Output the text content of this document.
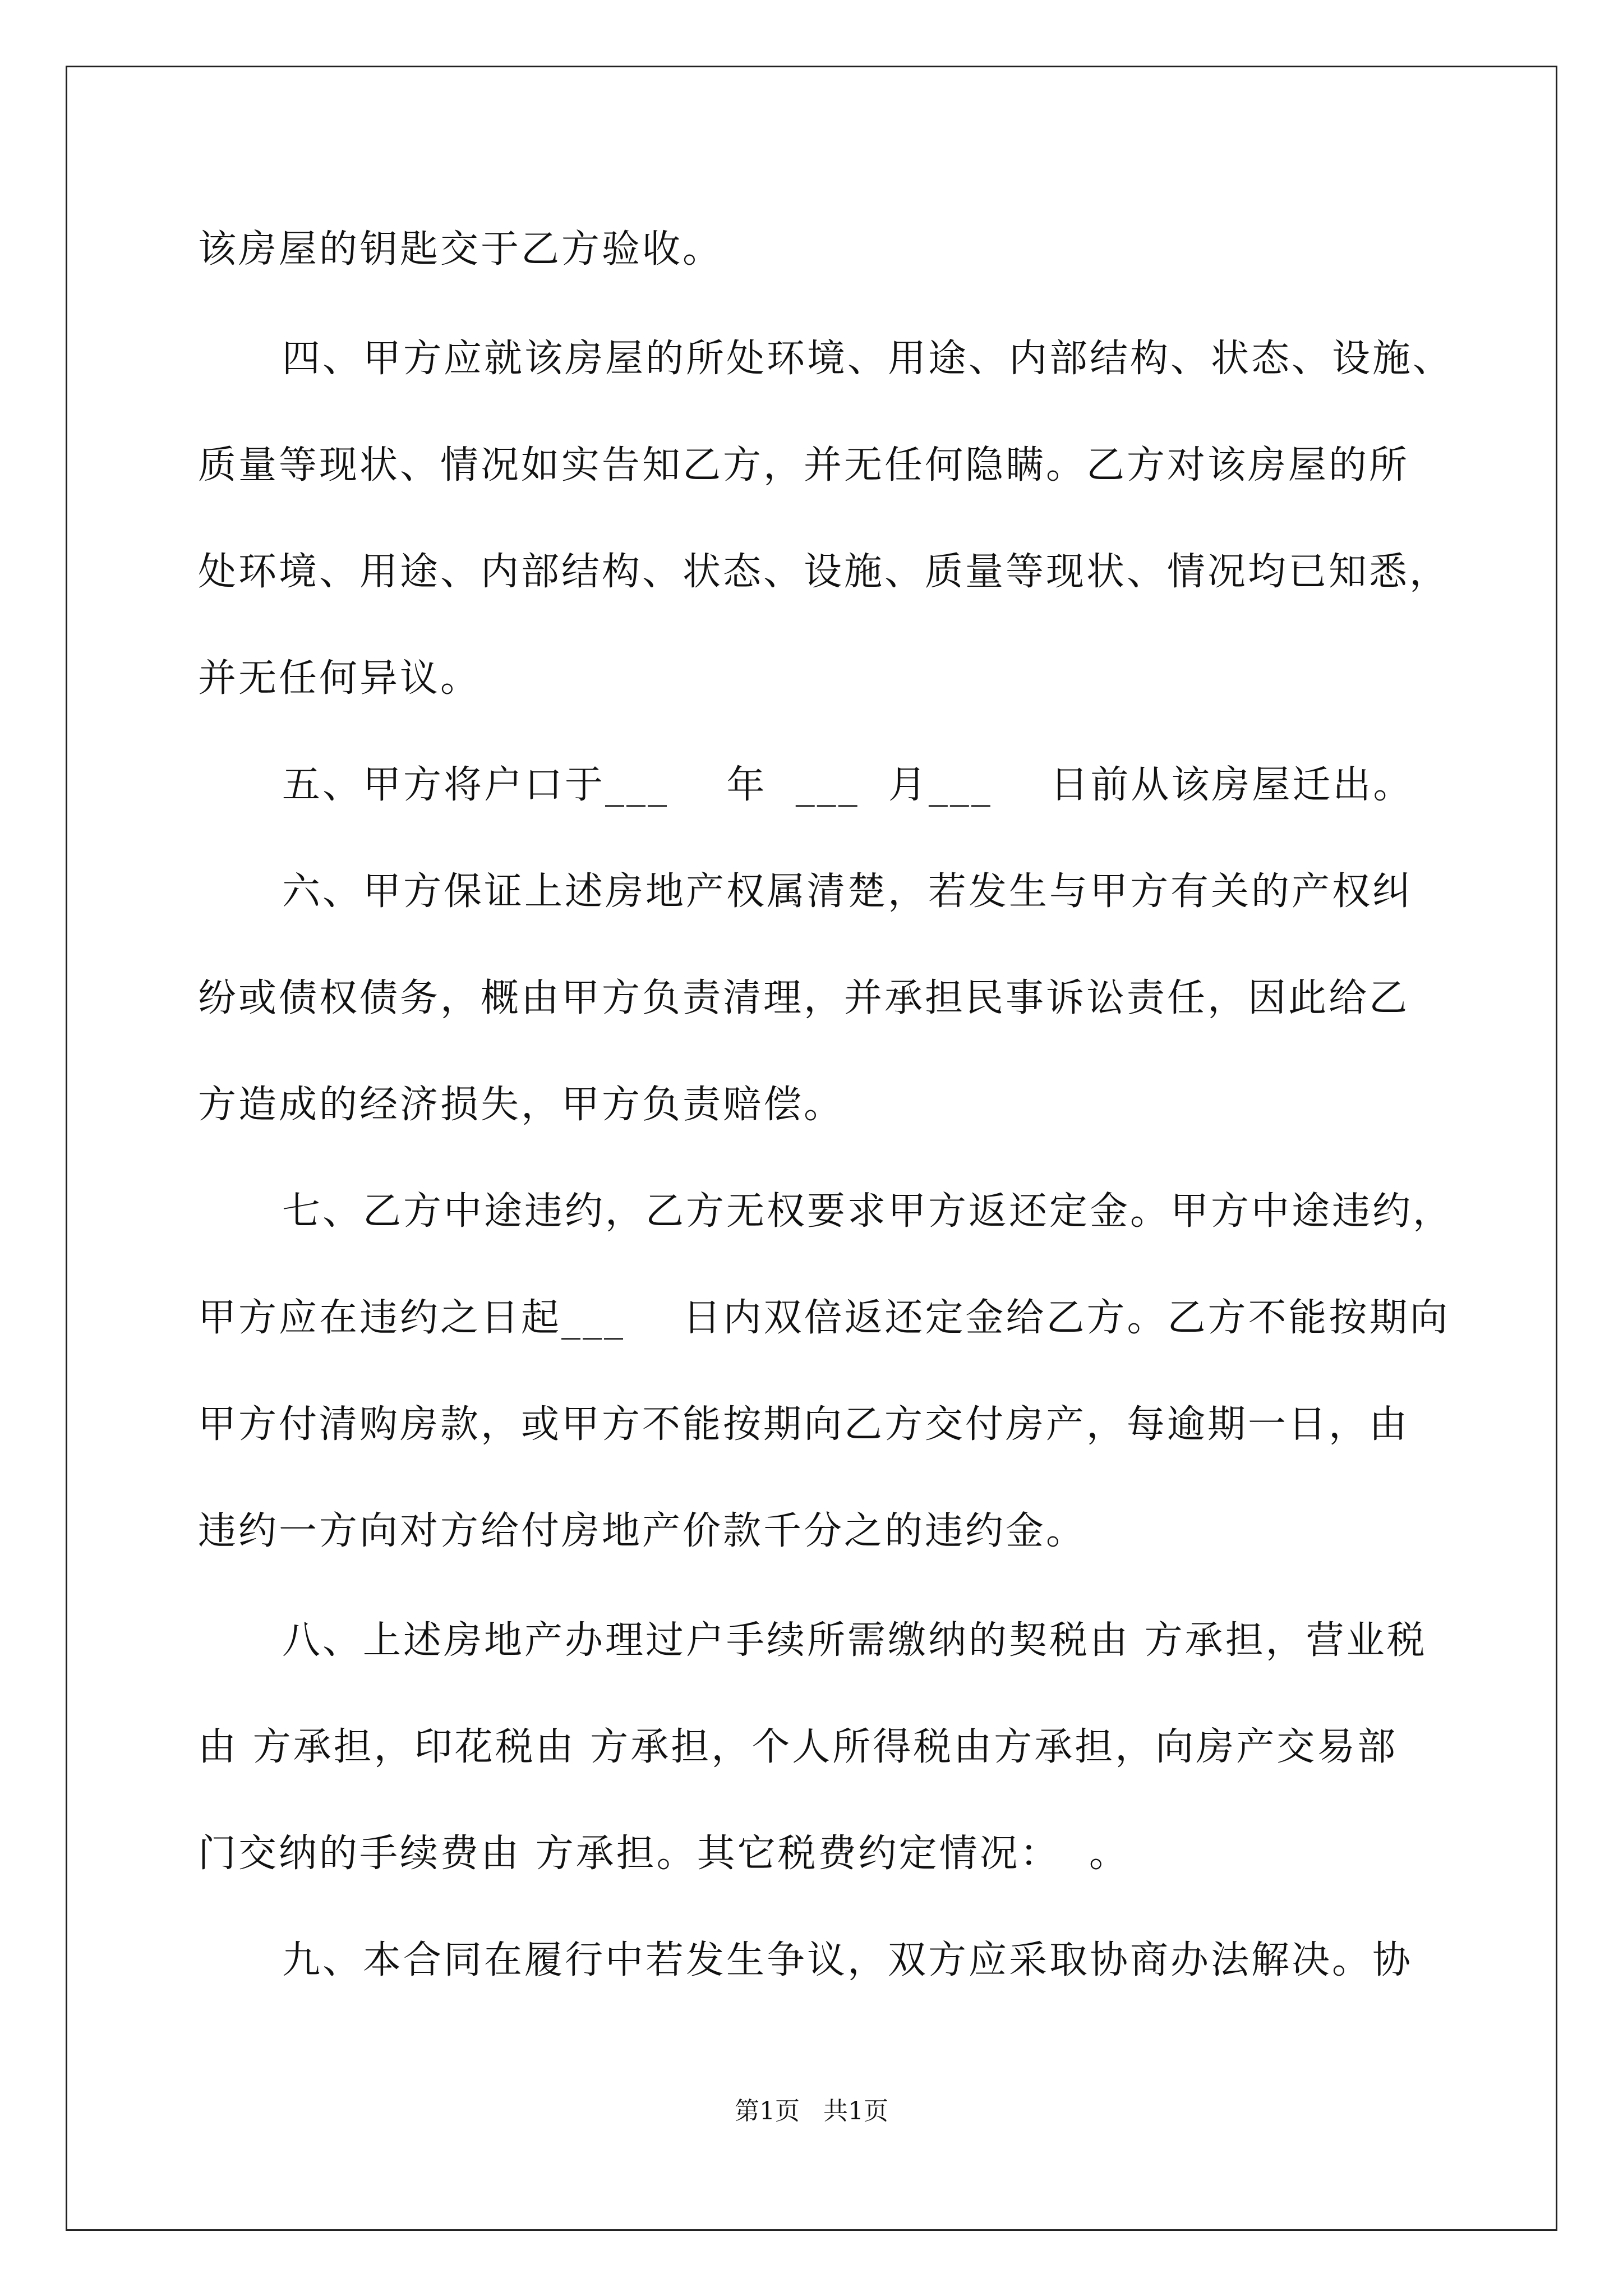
该房屋的钥匙交于乙方验收。
四、甲方应就该房屋的所处环境、用途、内部结构、状态、设施、
质量等现状、情况如实告知乙方，并无任何隐瞒。乙方对该房屋的所
处环境、用途、内部结构、状态、设施、质量等现状、情况均已知悉，
并无任何异议。
五、甲方将户口于___    年  ___  月___    日前从该房屋迁出。
六、甲方保证上述房地产权属清楚，若发生与甲方有关的产权纠
纷或债权债务，概由甲方负责清理，并承担民事诉讼责任，因此给乙
方造成的经济损失，甲方负责赔偿。
七、乙方中途违约，乙方无权要求甲方返还定金。甲方中途违约，
甲方应在违约之日起___    日内双倍返还定金给乙方。乙方不能按期向
甲方付清购房款，或甲方不能按期向乙方交付房产，每逾期一日，由
违约一方向对方给付房地产价款千分之的违约金。
八、上述房地产办理过户手续所需缴纳的契税由 方承担，营业税
由 方承担，印花税由 方承担，个人所得税由方承担，向房产交易部
门交纳的手续费由 方承担。其它税费约定情况：  。
九、本合同在履行中若发生争议，双方应采取协商办法解决。协
第1页   共1页
